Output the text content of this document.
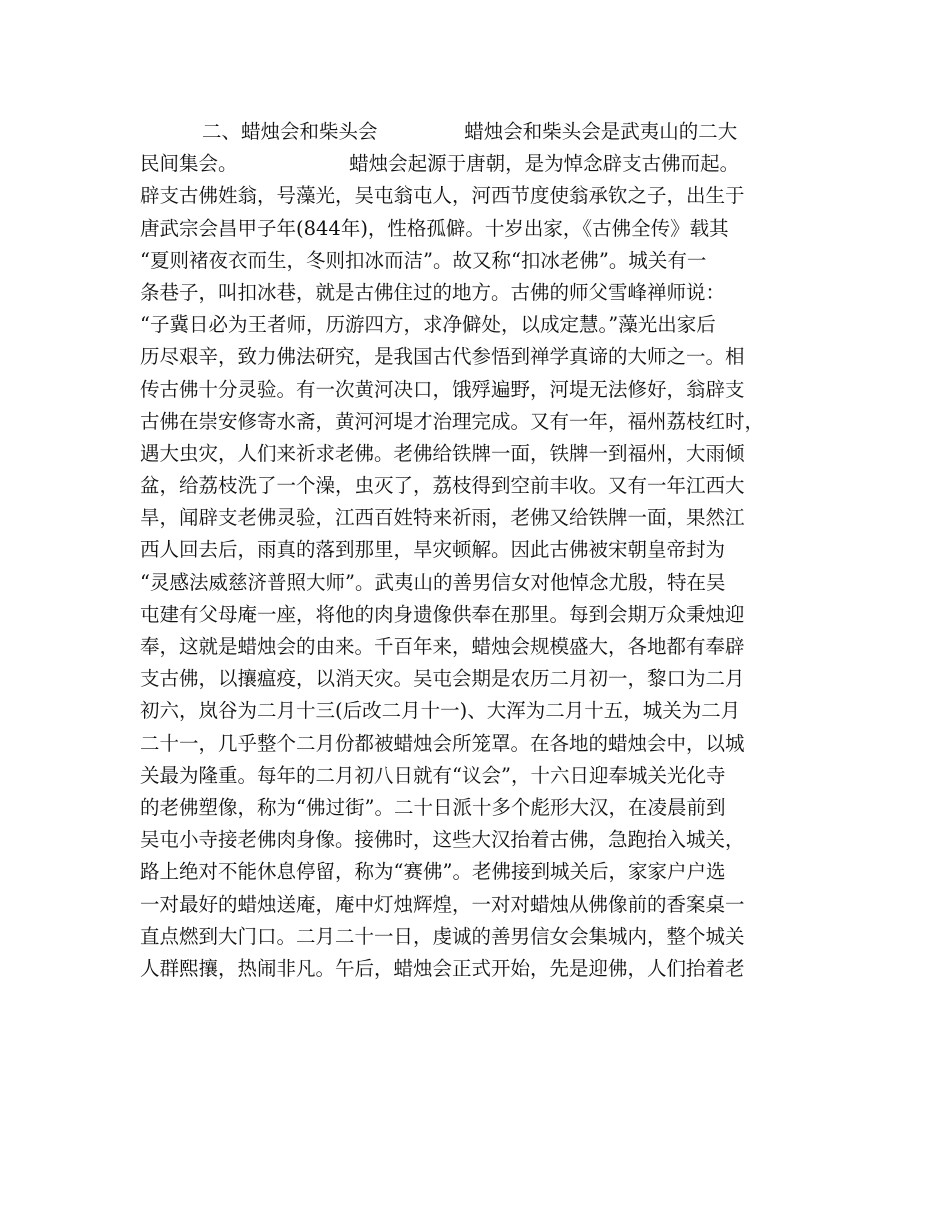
二、蜡烛会和柴头会              蜡烛会和柴头会是武夷山的二大
民间集会。                  蜡烛会起源于唐朝，是为悼念辟支古佛而起。
辟支古佛姓翁，号藻光，吴屯翁屯人，河西节度使翁承钦之子，出生于
唐武宗会昌甲子年(844年)，性格孤僻。十岁出家，《古佛全传》载其
“夏则褚夜衣而生，冬则扣冰而洁”。故又称“扣冰老佛”。城关有一
条巷子，叫扣冰巷，就是古佛住过的地方。古佛的师父雪峰禅师说：
“子冀日必为王者师，历游四方，求净僻处，以成定慧。”藻光出家后
历尽艰辛，致力佛法研究，是我国古代参悟到禅学真谛的大师之一。相
传古佛十分灵验。有一次黄河决口，饿殍遍野，河堤无法修好，翁辟支
古佛在崇安修寄水斋，黄河河堤才治理完成。又有一年，福州荔枝红时，
遇大虫灾，人们来祈求老佛。老佛给铁牌一面，铁牌一到福州，大雨倾
盆，给荔枝洗了一个澡，虫灭了，荔枝得到空前丰收。又有一年江西大
旱，闻辟支老佛灵验，江西百姓特来祈雨，老佛又给铁牌一面，果然江
西人回去后，雨真的落到那里，旱灾顿解。因此古佛被宋朝皇帝封为
“灵感法威慈济普照大师”。武夷山的善男信女对他悼念尤殷，特在吴
屯建有父母庵一座，将他的肉身遗像供奉在那里。每到会期万众秉烛迎
奉，这就是蜡烛会的由来。千百年来，蜡烛会规模盛大，各地都有奉辟
支古佛，以攘瘟疫，以消天灾。吴屯会期是农历二月初一，黎口为二月
初六，岚谷为二月十三(后改二月十一)、大浑为二月十五，城关为二月
二十一，几乎整个二月份都被蜡烛会所笼罩。在各地的蜡烛会中，以城
关最为隆重。每年的二月初八日就有“议会”，十六日迎奉城关光化寺
的老佛塑像，称为“佛过街”。二十日派十多个彪形大汉，在凌晨前到
吴屯小寺接老佛肉身像。接佛时，这些大汉抬着古佛，急跑抬入城关，
路上绝对不能休息停留，称为“赛佛”。老佛接到城关后，家家户户选
一对最好的蜡烛送庵，庵中灯烛辉煌，一对对蜡烛从佛像前的香案桌一
直点燃到大门口。二月二十一日，虔诚的善男信女会集城内，整个城关
人群熙攘，热闹非凡。午后，蜡烛会正式开始，先是迎佛，人们抬着老
